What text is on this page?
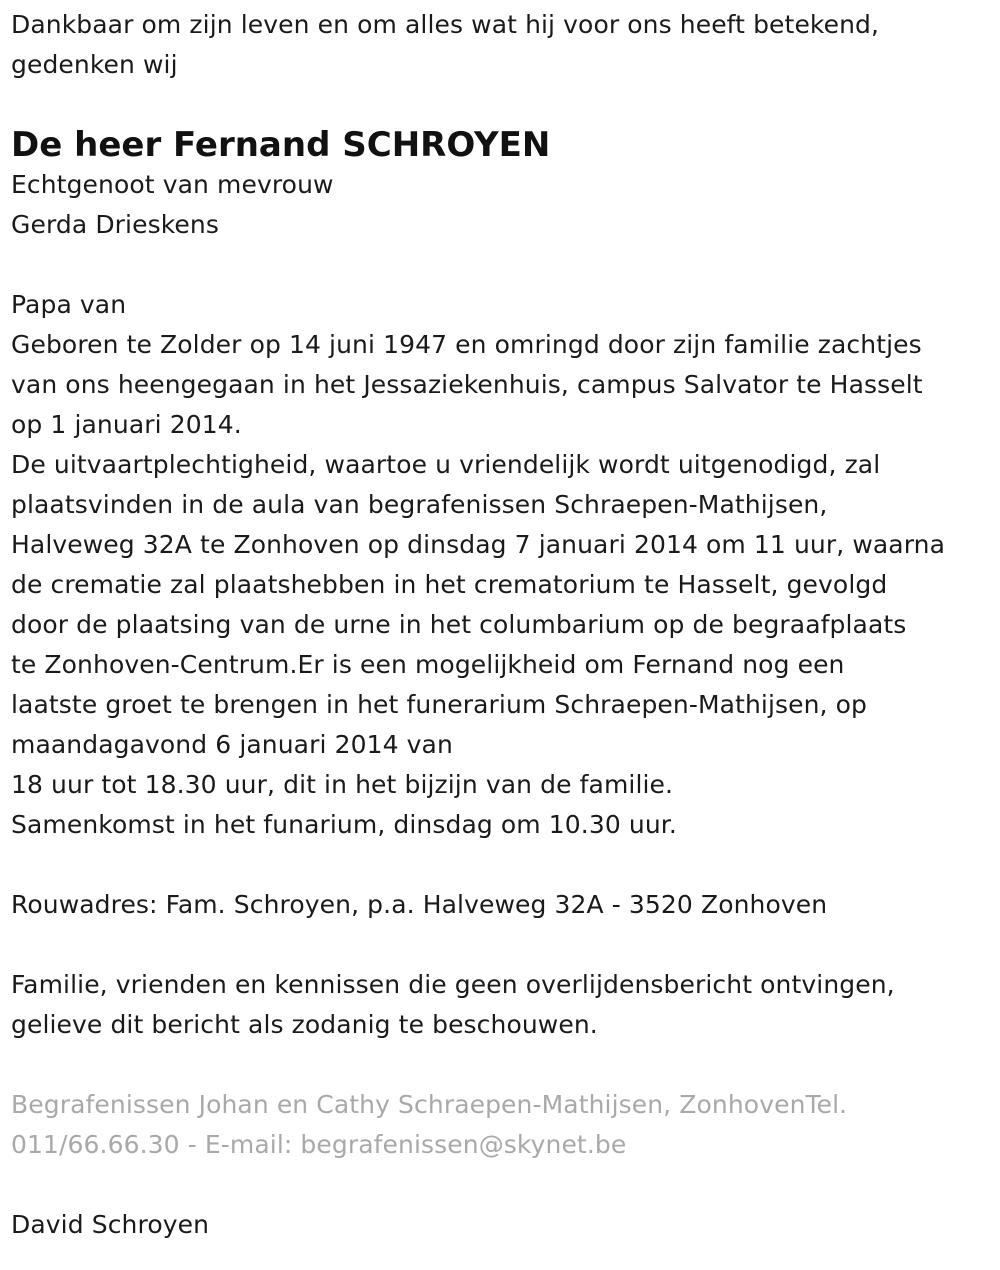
Dankbaar om zijn leven en om alles wat hij voor ons heeft betekend,
gedenken wij
De heer Fernand SCHROYEN
Echtgenoot van mevrouw
Gerda Drieskens
Papa van
Geboren te Zolder op 14 juni 1947 en omringd door zijn familie zachtjes
van ons heengegaan in het Jessaziekenhuis, campus Salvator te Hasselt
op 1 januari 2014.
De uitvaartplechtigheid, waartoe u vriendelijk wordt uitgenodigd, zal
plaatsvinden in de aula van begrafenissen Schraepen-Mathijsen,
Halveweg 32A te Zonhoven op dinsdag 7 januari 2014 om 11 uur, waarna
de crematie zal plaatshebben in het crematorium te Hasselt, gevolgd
door de plaatsing van de urne in het columbarium op de begraafplaats
te Zonhoven-Centrum.Er is een mogelijkheid om Fernand nog een
laatste groet te brengen in het funerarium Schraepen-Mathijsen, op
maandagavond 6 januari 2014 van
18 uur tot 18.30 uur, dit in het bijzijn van de familie.
Samenkomst in het funarium, dinsdag om 10.30 uur.
Rouwadres: Fam. Schroyen, p.a. Halveweg 32A - 3520 Zonhoven
Familie, vrienden en kennissen die geen overlijdensbericht ontvingen,
gelieve dit bericht als zodanig te beschouwen.
Begrafenissen Johan en Cathy Schraepen-Mathijsen, ZonhovenTel.
011/66.66.30 - E-mail: begrafenissen@skynet.be
David Schroyen
